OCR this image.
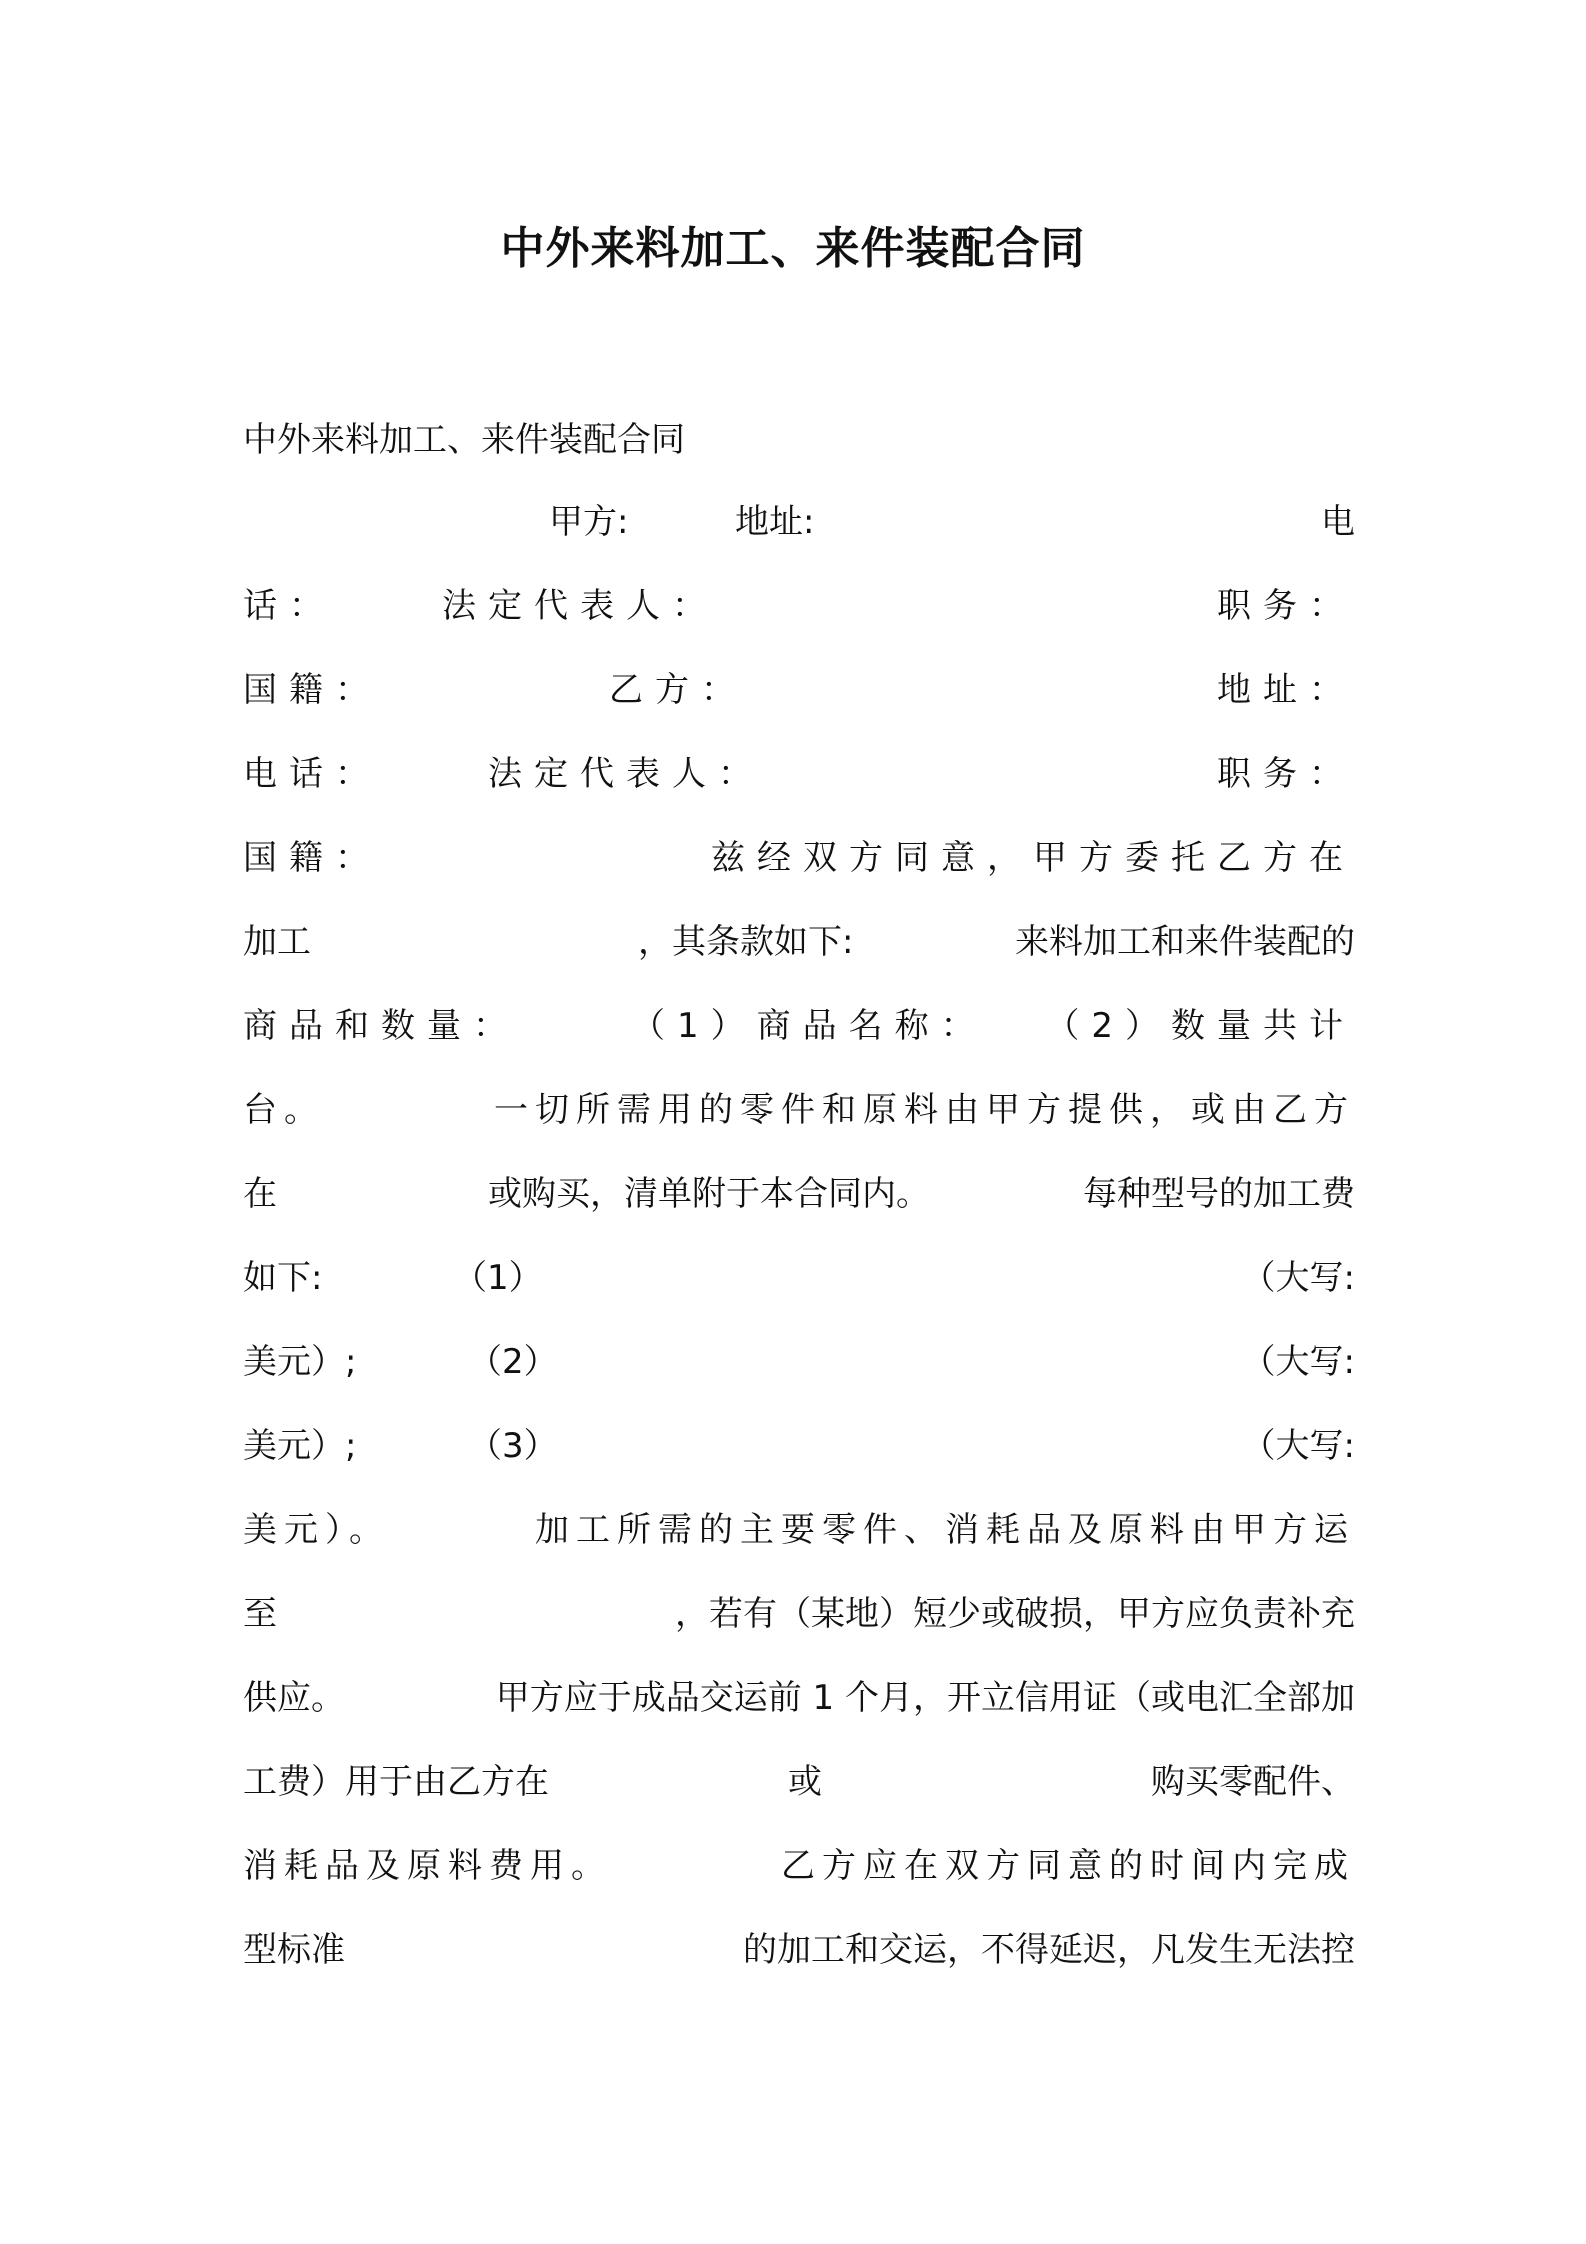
中外来料加工、来件装配合同
中外来料加工、来件装配合同
甲方:	地址:	电
话：	法定代表人：	职务：
国籍：	乙方：	地址：
电话：	法定代表人：	职务：
国籍：	兹经双方同意，甲方委托乙方在
加工	，其条款如下:	来料加工和来件装配的
商品和数量：	（1）商品名称： （2）数量共计
台。	一切所需用的零件和原料由甲方提供，或由乙方
在	或购买，清单附于本合同内。	每种型号的加工费
如下:	（1）	（大写:
美元）;	（2）	（大写:
美元）;	（3）	（大写:
美元）。	加工所需的主要零件、消耗品及原料由甲方运
至	，若有（某地）短少或破损，甲方应负责补充
供应。	甲方应于成品交运前 1 个月，开立信用证（或电汇全部加
工费）用于由乙方在	或	购买零配件、
消耗品及原料费用。	乙方应在双方同意的时间内完成
型标准	的加工和交运，不得延迟，凡发生无法控
